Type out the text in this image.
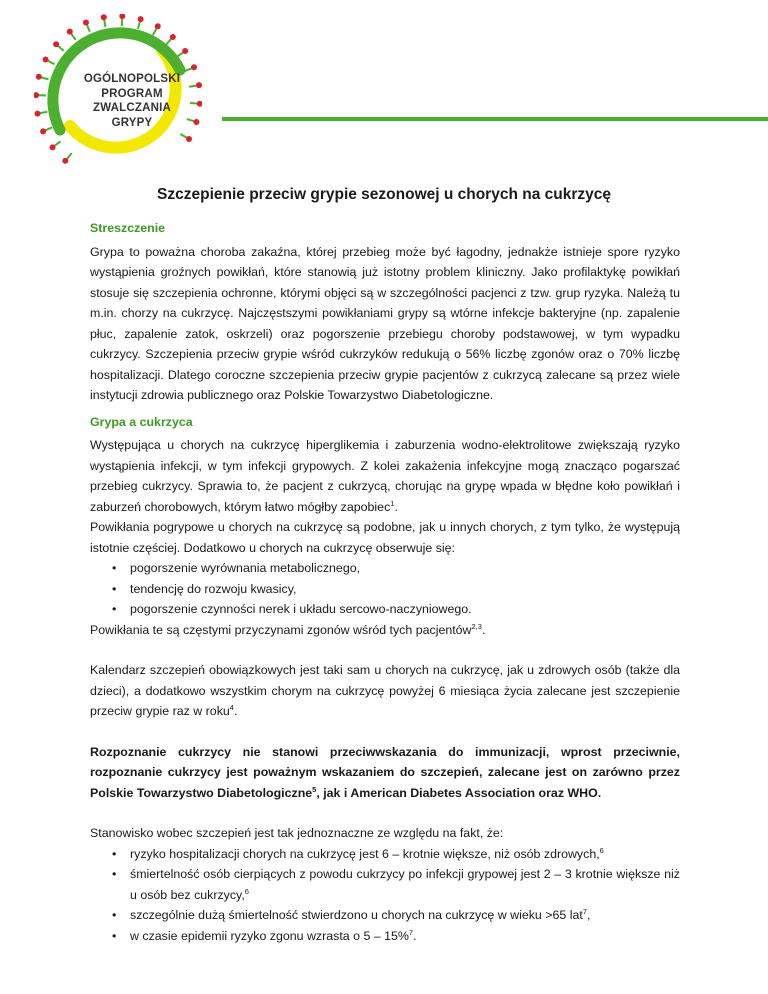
OGÓLNOPOLSKI
PROGRAM
ZWALCZANIA
GRYPY
Szczepienie przeciw grypie sezonowej u chorych na cukrzycę
Streszczenie

Grypa to poważna choroba zakaźna, której przebieg może być łagodny, jednakże istnieje spore ryzyko wystąpienia groźnych powikłań, które stanowią już istotny problem kliniczny. Jako profilaktykę powikłań stosuje się szczepienia ochronne, którymi objęci są w szczególności pacjenci z tzw. grup ryzyka. Należą tu m.in. chorzy na cukrzycę. Najczęstszymi powikłaniami grypy są wtórne infekcje bakteryjne (np. zapalenie płuc, zapalenie zatok, oskrzeli) oraz pogorszenie przebiegu choroby podstawowej, w tym wypadku cukrzycy. Szczepienia przeciw grypie wśród cukrzyków redukują o 56% liczbę zgonów oraz o 70% liczbę hospitalizacji. Dlatego coroczne szczepienia przeciw grypie pacjentów z cukrzycą zalecane są przez wiele instytucji zdrowia publicznego oraz Polskie Towarzystwo Diabetologiczne.

Grypa a cukrzyca

Występująca u chorych na cukrzycę hiperglikemia i zaburzenia wodno-elektrolitowe zwiększają ryzyko wystąpienia infekcji, w tym infekcji grypowych. Z kolei zakażenia infekcyjne mogą znacząco pogarszać przebieg cukrzycy. Sprawia to, że pacjent z cukrzycą, chorując na grypę wpada w błędne koło powikłań i zaburzeń chorobowych, którym łatwo mógłby zapobiec$^1$.

Powikłania pogrypowe u chorych na cukrzycę są podobne, jak u innych chorych, z tym tylko, że występują istotnie częściej. Dodatkowo u chorych na cukrzycę obserwuje się:

• pogorszenie wyrównania metabolicznego,
• tendencję do rozwoju kwasicy,
• pogorszenie czynności nerek i układu sercowo-naczyniowego.

Powikłania te są częstymi przyczynami zgonów wśród tych pacjentów$^{2,3}$.

Kalendarz szczepień obowiązkowych jest taki sam u chorych na cukrzycę, jak u zdrowych osób (także dla dzieci), a dodatkowo wszystkim chorym na cukrzycę powyżej 6 miesiąca życia zalecane jest szczepienie przeciw grypie raz w roku$^4$.

Rozpoznanie cukrzycy nie stanowi przeciwwskazania do immunizacji, wprost przeciwnie, rozpoznanie cukrzycy jest poważnym wskazaniem do szczepień, zalecane jest on zarówno przez Polskie Towarzystwo Diabetologiczne$^5$, jak i American Diabetes Association oraz WHO.

Stanowisko wobec szczepień jest tak jednoznaczne ze względu na fakt, że:

• ryzyko hospitalizacji chorych na cukrzycę jest 6 – krotnie większe, niż osób zdrowych,$^6$
• śmiertelność osób cierpiących z powodu cukrzycy po infekcji grypowej jest 2 – 3 krotnie większe niż u osób bez cukrzycy,$^6$
• szczególnie dużą śmiertelność stwierdzono u chorych na cukrzycę w wieku >65 lat$^7$,
• w czasie epidemii ryzyko zgonu wzrasta o 5 – 15%$^7$.
